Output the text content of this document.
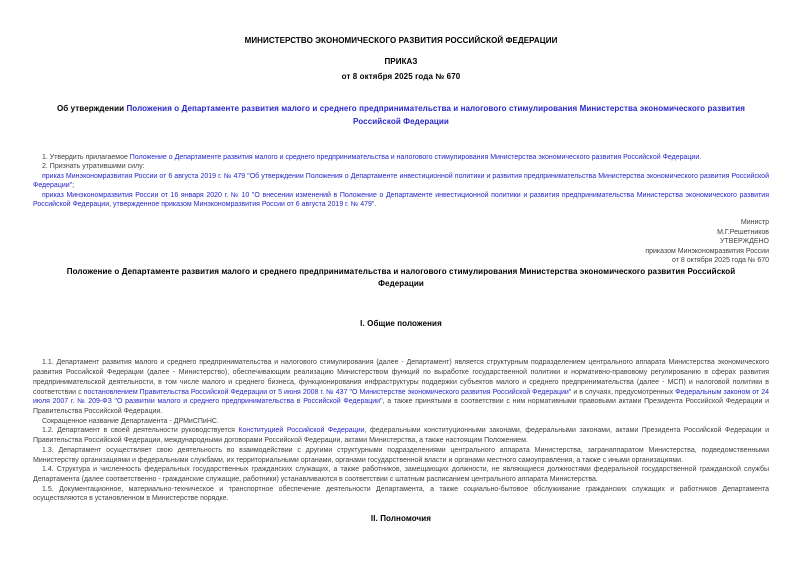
МИНИСТЕРСТВО ЭКОНОМИЧЕСКОГО РАЗВИТИЯ РОССИЙСКОЙ ФЕДЕРАЦИИ

ПРИКАЗ

от 8 октября 2025 года № 670

Об утверждении Положения о Департаменте развития малого и среднего предпринимательства и налогового стимулирования Министерства экономического развития Российской Федерации

1. Утвердить прилагаемое Положение о Департаменте развития малого и среднего предпринимательства и налогового стимулирования Министерства экономического развития Российской Федерации.

2. Признать утратившими силу:

приказ Минэкономразвития России от 6 августа 2019 г. № 479 "Об утверждении Положения о Департаменте инвестиционной политики и развития предпринимательства Министерства экономического развития Российской Федерации";

приказ Минэкономразвития России от 16 января 2020 г. № 10 "О внесении изменений в Положение о Департаменте инвестиционной политики и развития предпринимательства Министерства экономического развития Российской Федерации, утвержденное приказом Минэкономразвития России от 6 августа 2019 г. № 479".

Министр

М.Г.Решетников

УТВЕРЖДЕНО

приказом Минэкономразвития России

от 8 октября 2025 года № 670

Положение о Департаменте развития малого и среднего предпринимательства и налогового стимулирования Министерства экономического развития Российской Федерации

I. Общие положения

1.1. Департамент развития малого и среднего предпринимательства и налогового стимулирования (далее - Департамент) является структурным подразделением центрального аппарата Министерства экономического развития Российской Федерации (далее - Министерство), обеспечивающим реализацию Министерством функций по выработке государственной политики и нормативно-правовому регулированию в сферах развития предпринимательской деятельности, в том числе малого и среднего бизнеса, функционирования инфраструктуры поддержки субъектов малого и среднего предпринимательства (далее - МСП) и налоговой политики в соответствии с постановлением Правительства Российской Федерации от 5 июня 2008 г. № 437 "О Министерстве экономического развития Российской Федерации" и в случаях, предусмотренных Федеральным законом от 24 июля 2007 г. № 209-ФЗ "О развитии малого и среднего предпринимательства в Российской Федерации", а также принятыми в соответствии с ним нормативными правовыми актами Президента Российской Федерации и Правительства Российской Федерации.

Сокращенное название Департамента - ДРМиСПиНС.

1.2. Департамент в своей деятельности руководствуется Конституцией Российской Федерации, федеральными конституционными законами, федеральными законами, актами Президента Российской Федерации и Правительства Российской Федерации, международными договорами Российской Федерации, актами Министерства, а также настоящим Положением.

1.3. Департамент осуществляет свою деятельность во взаимодействии с другими структурными подразделениями центрального аппарата Министерства, загранаппаратом Министерства, подведомственными Министерству организациями и федеральными службами, их территориальными органами, органами государственной власти и органами местного самоуправления, а также с иными организациями.

1.4. Структура и численность федеральных государственных гражданских служащих, а также работников, замещающих должности, не являющиеся должностями федеральной государственной гражданской службы Департамента (далее соответственно - гражданские служащие, работники) устанавливаются в соответствии с штатным расписанием центрального аппарата Министерства.

1.5. Документационное, материально-техническое и транспортное обеспечение деятельности Департамента, а также социально-бытовое обслуживание гражданских служащих и работников Департамента осуществляются в установленном в Министерстве порядке.

II. Полномочия
